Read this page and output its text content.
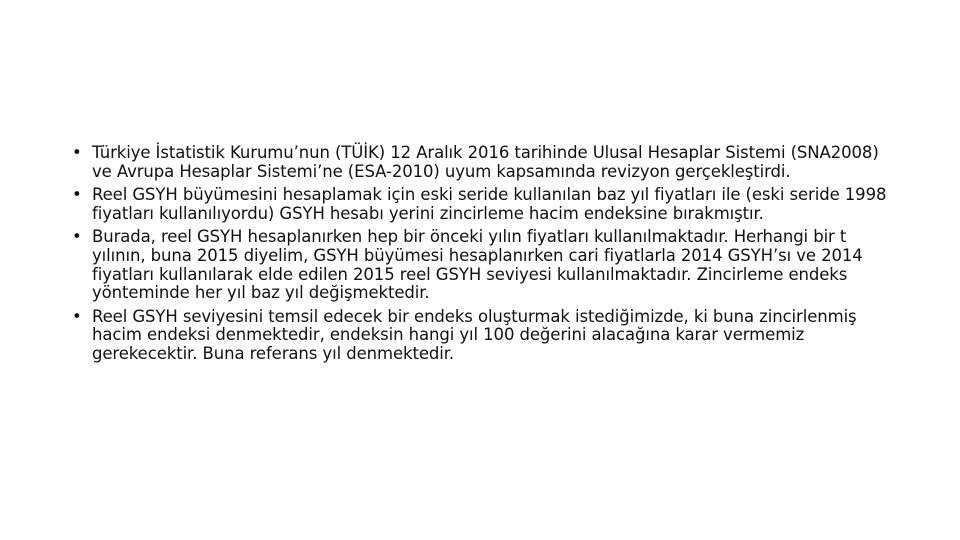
• Türkiye İstatistik Kurumu’nun (TÜİK) 12 Aralık 2016 tarihinde Ulusal Hesaplar Sistemi (SNA2008) ve Avrupa Hesaplar Sistemi’ne (ESA-2010) uyum kapsamında revizyon gerçekleştirdi.
• Reel GSYH büyümesini hesaplamak için eski seride kullanılan baz yıl fiyatları ile (eski seride 1998 fiyatları kullanılıyordu) GSYH hesabı yerini zincirleme hacim endeksine bırakmıştır.
• Burada, reel GSYH hesaplanırken hep bir önceki yılın fiyatları kullanılmaktadır. Herhangi bir t yılının, buna 2015 diyelim, GSYH büyümesi hesaplanırken cari fiyatlarla 2014 GSYH’sı ve 2014 fiyatları kullanılarak elde edilen 2015 reel GSYH seviyesi kullanılmaktadır. Zincirleme endeks yönteminde her yıl baz yıl değişmektedir.
• Reel GSYH seviyesini temsil edecek bir endeks oluşturmak istediğimizde, ki buna zincirlenmiş hacim endeksi denmektedir, endeksin hangi yıl 100 değerini alacağına karar vermemiz gerekecektir. Buna referans yıl denmektedir.
